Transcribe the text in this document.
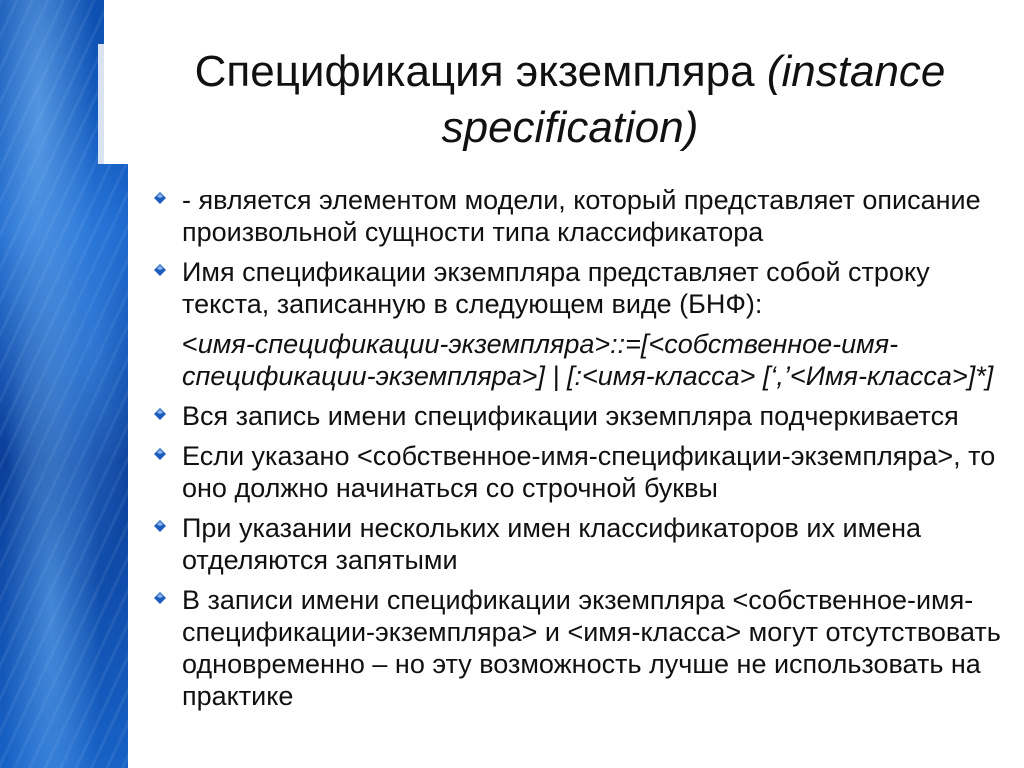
Спецификация экземпляра (instance specification)
- является элементом модели, который представляет описание произвольной сущности типа классификатора
Имя спецификации экземпляра представляет собой строку текста, записанную в следующем виде (БНФ):
<имя-спецификации-экземпляра>::=[<собственное-имя-спецификации-экземпляра>] | [:<имя-класса> [‘,’<Имя-класса>]*]
Вся запись имени спецификации экземпляра подчеркивается
Если указано <собственное-имя-спецификации-экземпляра>, то оно должно начинаться со строчной буквы
При указании нескольких имен классификаторов их имена отделяются запятыми
В записи имени спецификации экземпляра <собственное-имя-спецификации-экземпляра> и <имя-класса> могут отсутствовать одновременно – но эту возможность лучше не использовать на практике
